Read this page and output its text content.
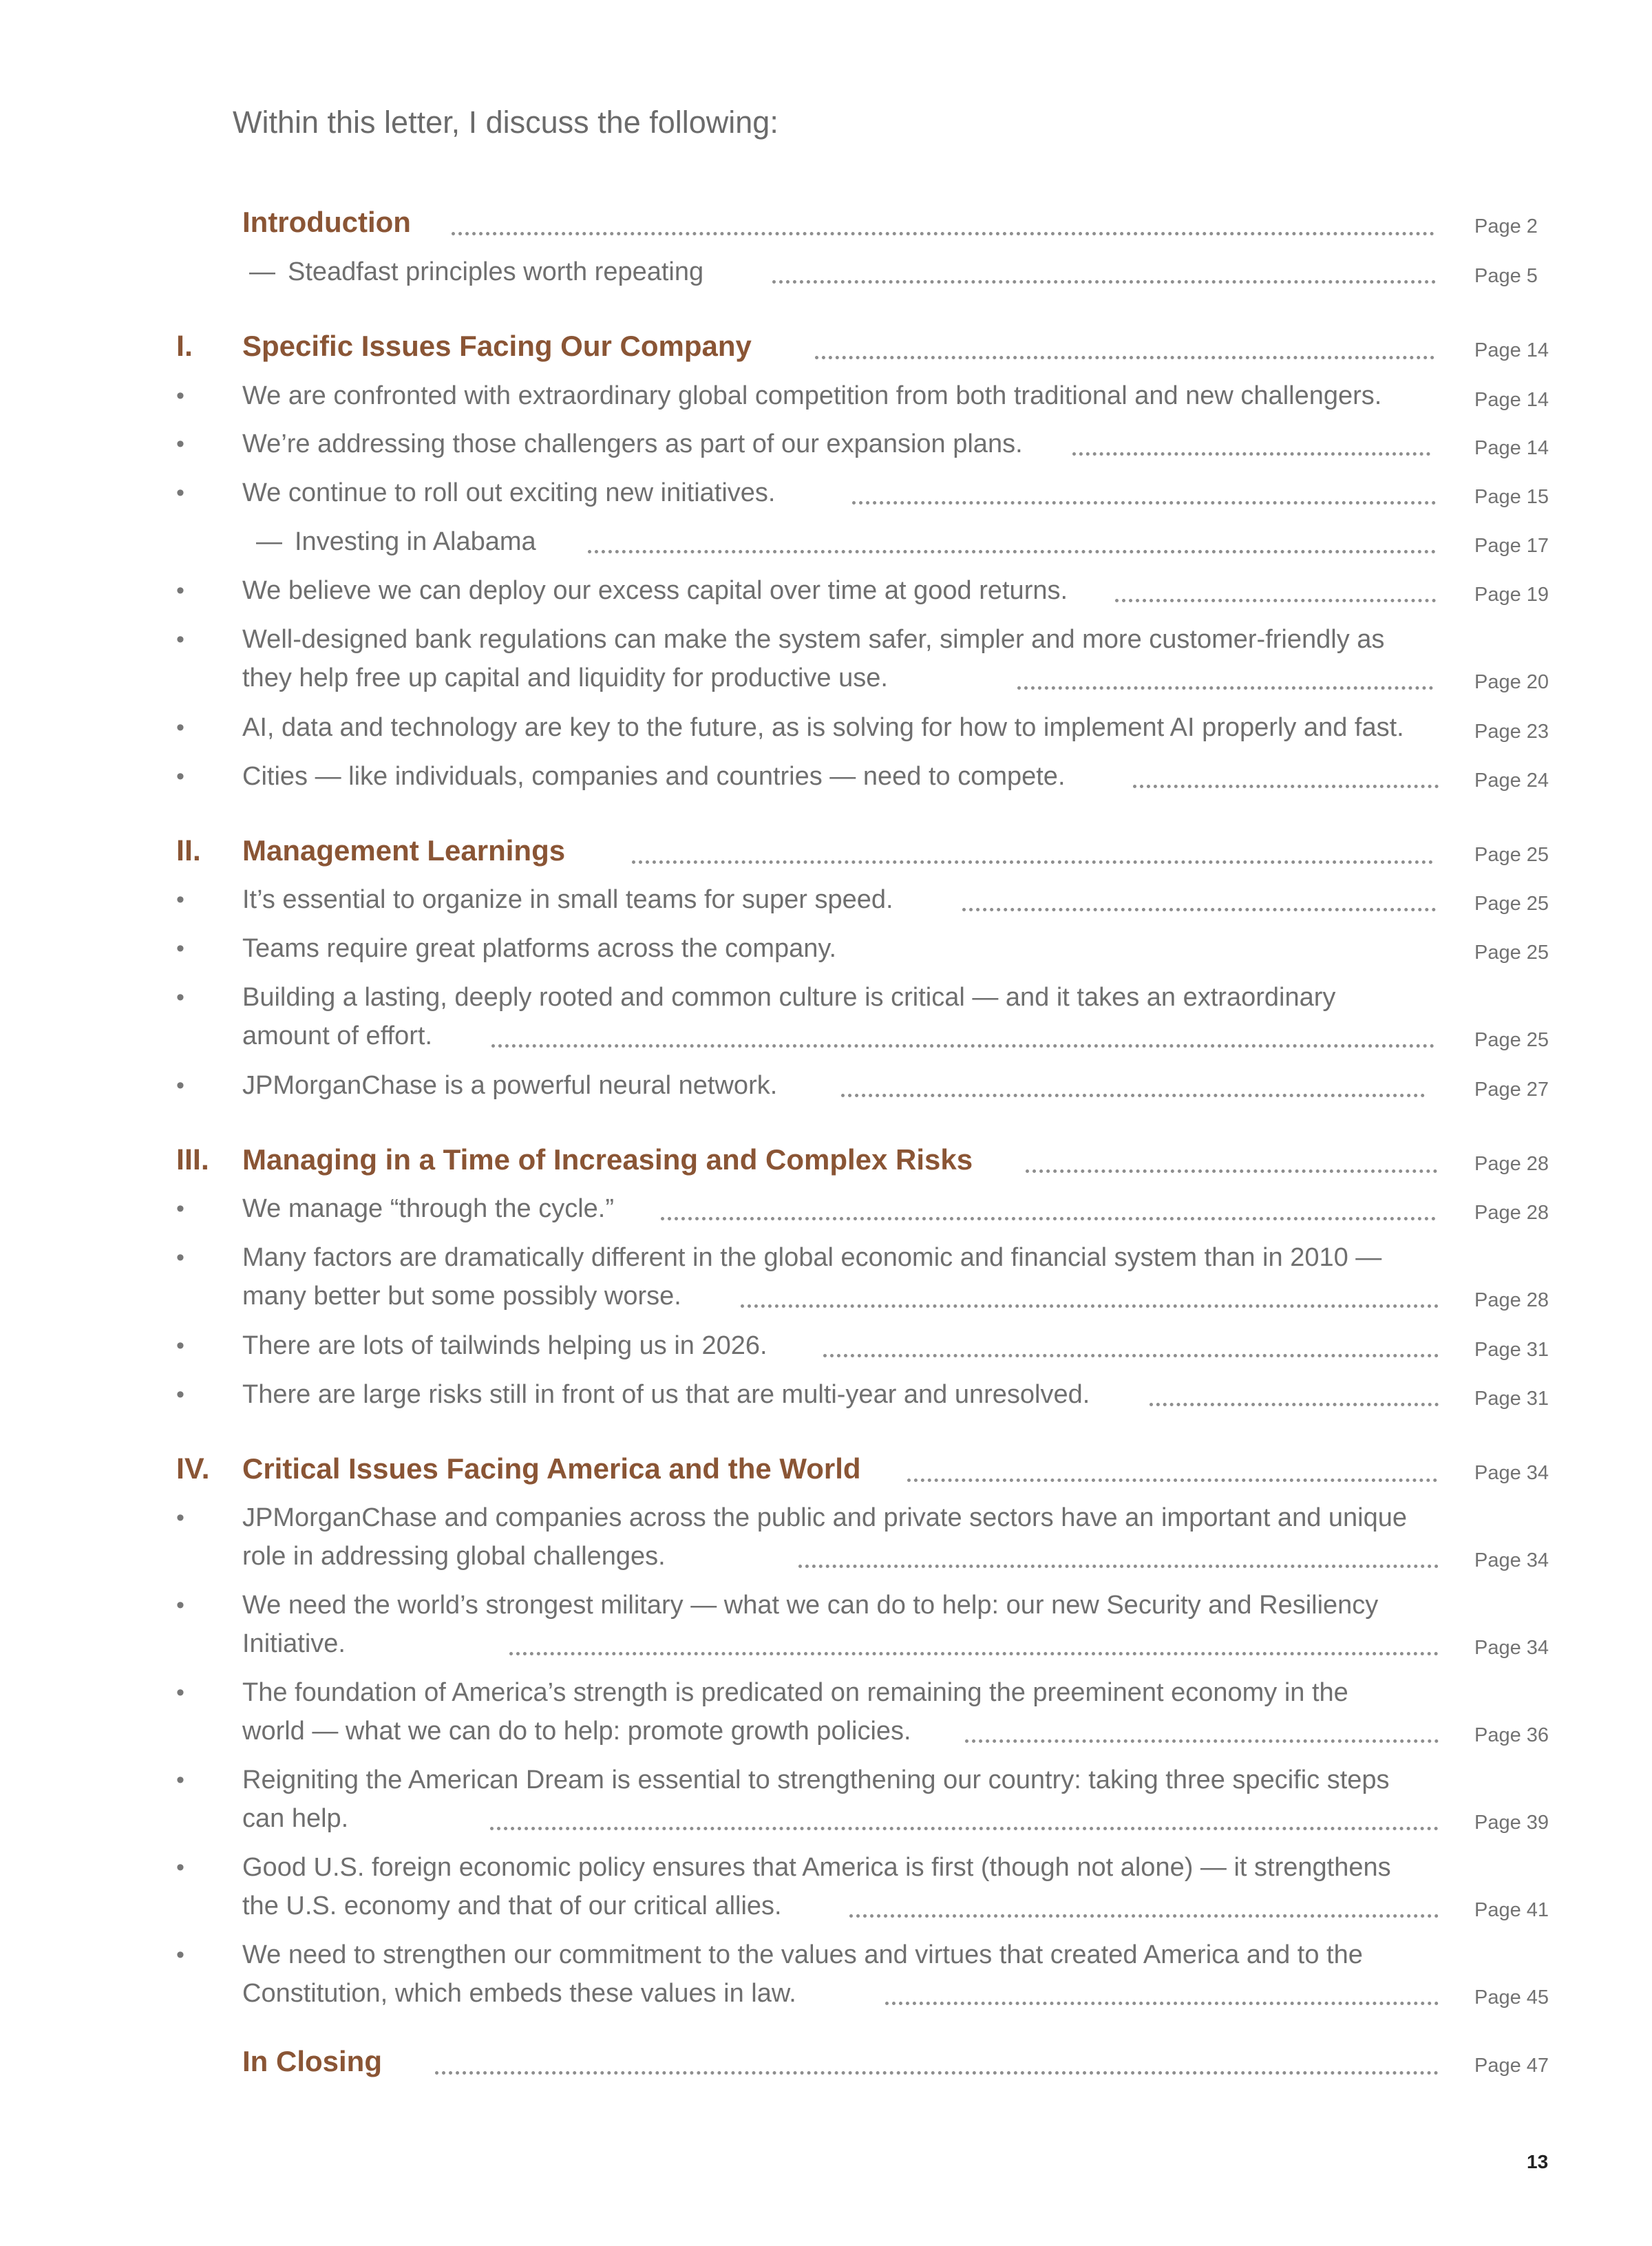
Within this letter, I discuss the following:
Introduction	Page 2
— Steadfast principles worth repeating	Page 5
I. Specific Issues Facing Our Company	Page 14
• We are confronted with extraordinary global competition from both traditional and new challengers.	Page 14
• We’re addressing those challengers as part of our expansion plans.	Page 14
• We continue to roll out exciting new initiatives.	Page 15
— Investing in Alabama	Page 17
• We believe we can deploy our excess capital over time at good returns.	Page 19
• Well-designed bank regulations can make the system safer, simpler and more customer-friendly as they help free up capital and liquidity for productive use.	Page 20
• AI, data and technology are key to the future, as is solving for how to implement AI properly and fast.	Page 23
• Cities — like individuals, companies and countries — need to compete.	Page 24
II. Management Learnings	Page 25
• It’s essential to organize in small teams for super speed.	Page 25
• Teams require great platforms across the company.	Page 25
• Building a lasting, deeply rooted and common culture is critical — and it takes an extraordinary amount of effort.	Page 25
• JPMorganChase is a powerful neural network.	Page 27
III. Managing in a Time of Increasing and Complex Risks	Page 28
• We manage “through the cycle.”	Page 28
• Many factors are dramatically different in the global economic and financial system than in 2010 — many better but some possibly worse.	Page 28
• There are lots of tailwinds helping us in 2026.	Page 31
• There are large risks still in front of us that are multi-year and unresolved.	Page 31
IV. Critical Issues Facing America and the World	Page 34
• JPMorganChase and companies across the public and private sectors have an important and unique role in addressing global challenges.	Page 34
• We need the world’s strongest military — what we can do to help: our new Security and Resiliency Initiative.	Page 34
• The foundation of America’s strength is predicated on remaining the preeminent economy in the world — what we can do to help: promote growth policies.	Page 36
• Reigniting the American Dream is essential to strengthening our country: taking three specific steps can help.	Page 39
• Good U.S. foreign economic policy ensures that America is first (though not alone) — it strengthens the U.S. economy and that of our critical allies.	Page 41
• We need to strengthen our commitment to the values and virtues that created America and to the Constitution, which embeds these values in law.	Page 45
In Closing	Page 47
13
